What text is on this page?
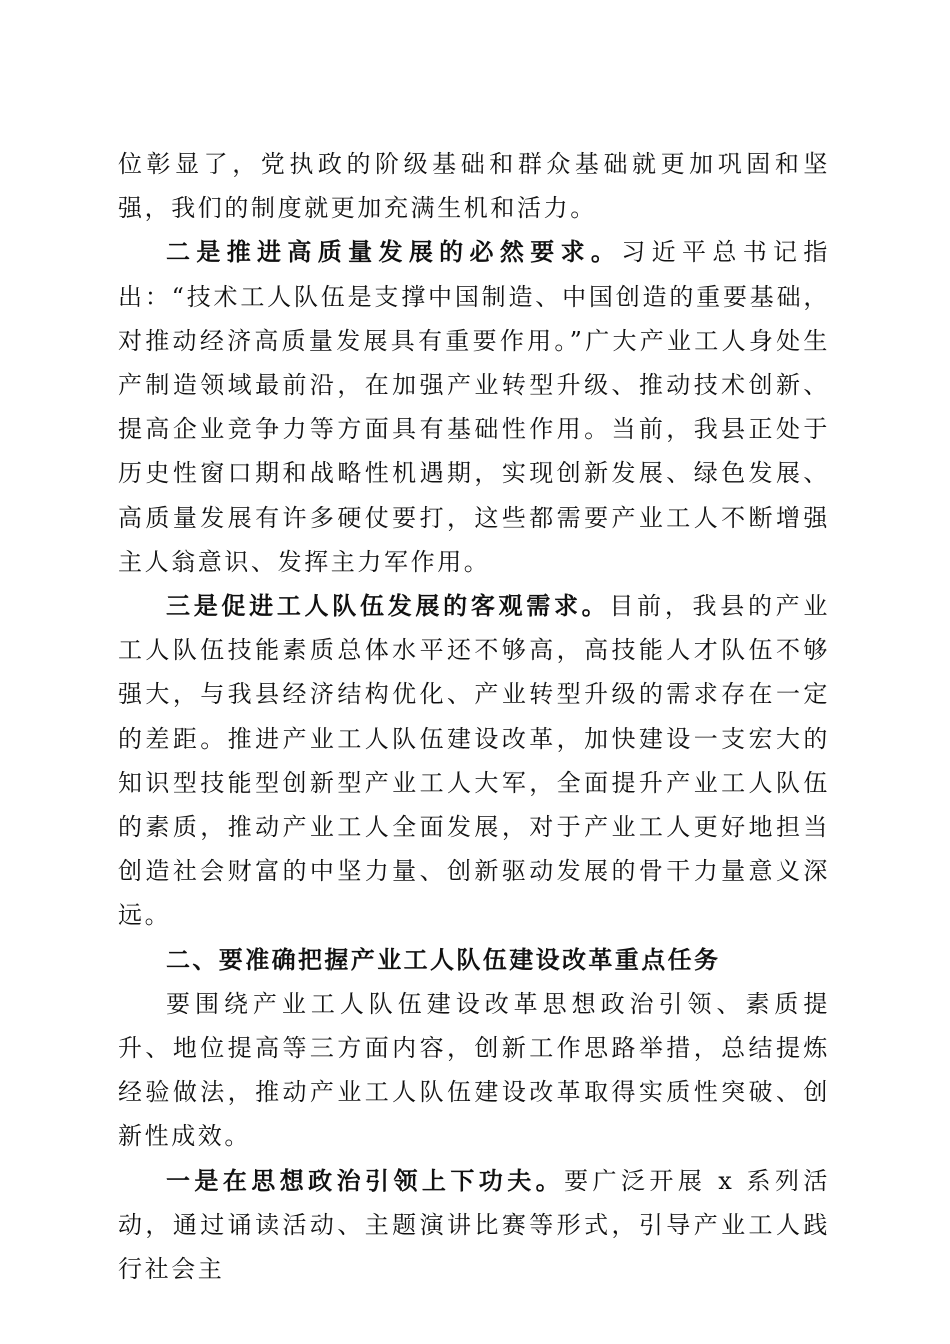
位彰显了，党执政的阶级基础和群众基础就更加巩固和坚强，我们的制度就更加充满生机和活力。

二是推进高质量发展的必然要求。习近平总书记指出：“技术工人队伍是支撑中国制造、中国创造的重要基础，对推动经济高质量发展具有重要作用。”广大产业工人身处生产制造领域最前沿，在加强产业转型升级、推动技术创新、提高企业竞争力等方面具有基础性作用。当前，我县正处于历史性窗口期和战略性机遇期，实现创新发展、绿色发展、高质量发展有许多硬仗要打，这些都需要产业工人不断增强主人翁意识、发挥主力军作用。

三是促进工人队伍发展的客观需求。目前，我县的产业工人队伍技能素质总体水平还不够高，高技能人才队伍不够强大，与我县经济结构优化、产业转型升级的需求存在一定的差距。推进产业工人队伍建设改革，加快建设一支宏大的知识型技能型创新型产业工人大军，全面提升产业工人队伍的素质，推动产业工人全面发展，对于产业工人更好地担当创造社会财富的中坚力量、创新驱动发展的骨干力量意义深远。

二、要准确把握产业工人队伍建设改革重点任务

要围绕产业工人队伍建设改革思想政治引领、素质提升、地位提高等三方面内容，创新工作思路举措，总结提炼经验做法，推动产业工人队伍建设改革取得实质性突破、创新性成效。

一是在思想政治引领上下功夫。要广泛开展 x 系列活动，通过诵读活动、主题演讲比赛等形式，引导产业工人践行社会主
